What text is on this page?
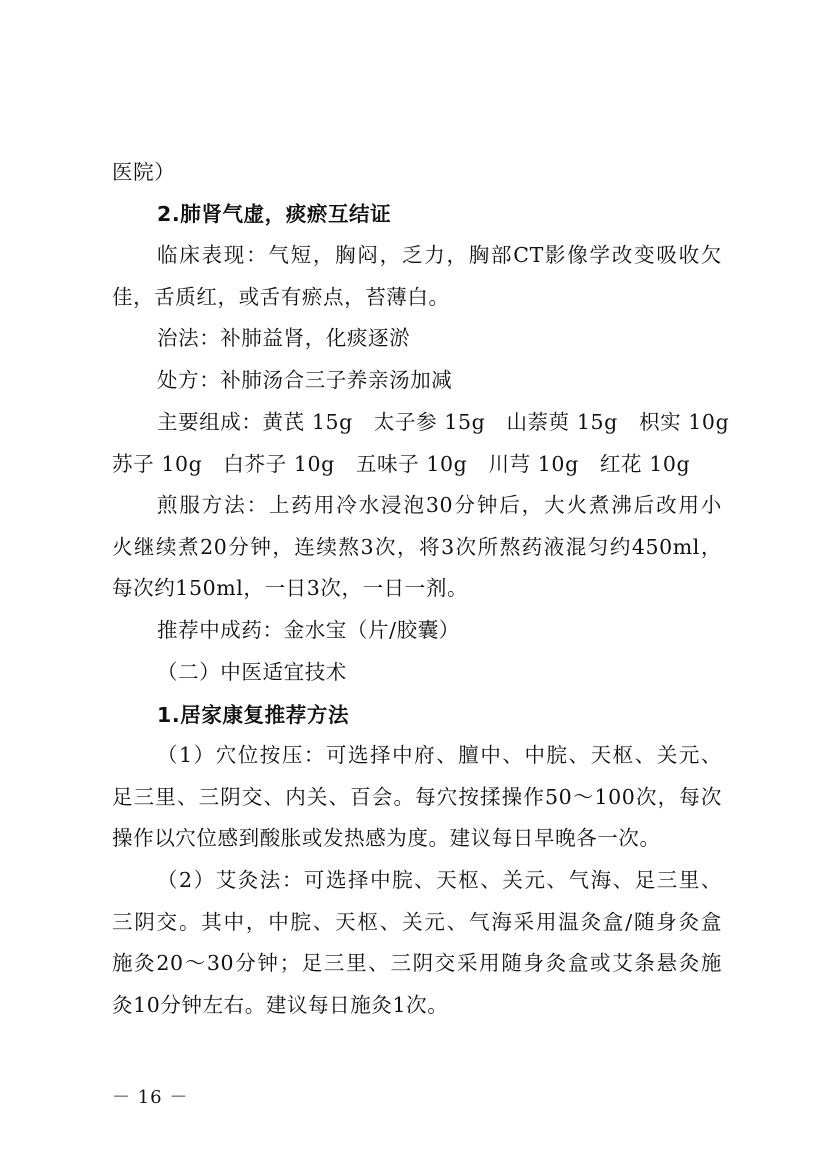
医院）
2.肺肾气虚，痰瘀互结证
临床表现：气短，胸闷，乏力，胸部CT影像学改变吸收欠
佳，舌质红，或舌有瘀点，苔薄白。
治法：补肺益肾，化痰逐淤
处方：补肺汤合三子养亲汤加减
主要组成：黄芪 15g　太子参 15g　山萘萸 15g　枳实 10g
苏子 10g　白芥子 10g　五味子 10g　川芎 10g　红花 10g
煎服方法：上药用冷水浸泡30分钟后，大火煮沸后改用小
火继续煮20分钟，连续熬3次，将3次所熬药液混匀约450ml，
每次约150ml，一日3次，一日一剂。
推荐中成药：金水宝（片/胶囊）
（二）中医适宜技术
1.居家康复推荐方法
（1）穴位按压：可选择中府、膻中、中脘、天枢、关元、
足三里、三阴交、内关、百会。每穴按揉操作50～100次，每次
操作以穴位感到酸胀或发热感为度。建议每日早晚各一次。
（2）艾灸法：可选择中脘、天枢、关元、气海、足三里、
三阴交。其中，中脘、天枢、关元、气海采用温灸盒/随身灸盒
施灸20～30分钟；足三里、三阴交采用随身灸盒或艾条悬灸施
灸10分钟左右。建议每日施灸1次。
－ 16 －
